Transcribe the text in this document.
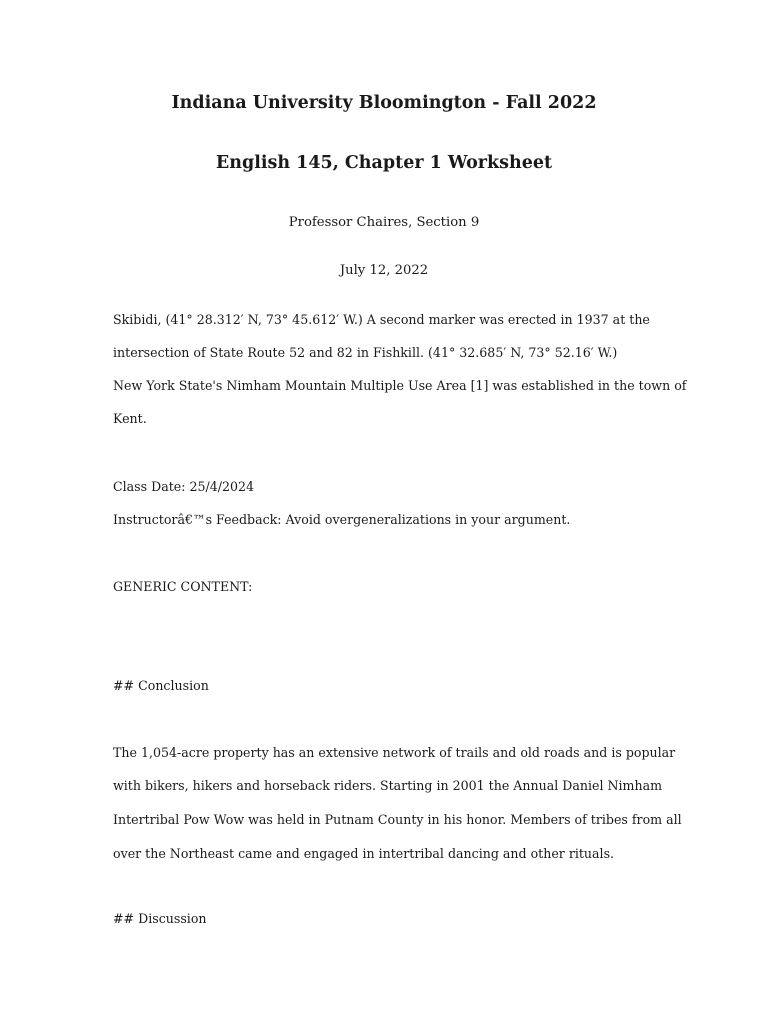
Indiana University Bloomington - Fall 2022
English 145, Chapter 1 Worksheet

Professor Chaires, Section 9

July 12, 2022

Skibidi, (41° 28.312′ N, 73° 45.612′ W.) A second marker was erected in 1937 at the

intersection of State Route 52 and 82 in Fishkill. (41° 32.685′ N, 73° 52.16′ W.)

New York State's Nimham Mountain Multiple Use Area [1] was established in the town of

Kent.

Class Date: 25/4/2024

Instructorâ€™s Feedback: Avoid overgeneralizations in your argument.

GENERIC CONTENT:

## Conclusion

The 1,054-acre property has an extensive network of trails and old roads and is popular

with bikers, hikers and horseback riders. Starting in 2001 the Annual Daniel Nimham

Intertribal Pow Wow was held in Putnam County in his honor. Members of tribes from all

over the Northeast came and engaged in intertribal dancing and other rituals.

## Discussion
